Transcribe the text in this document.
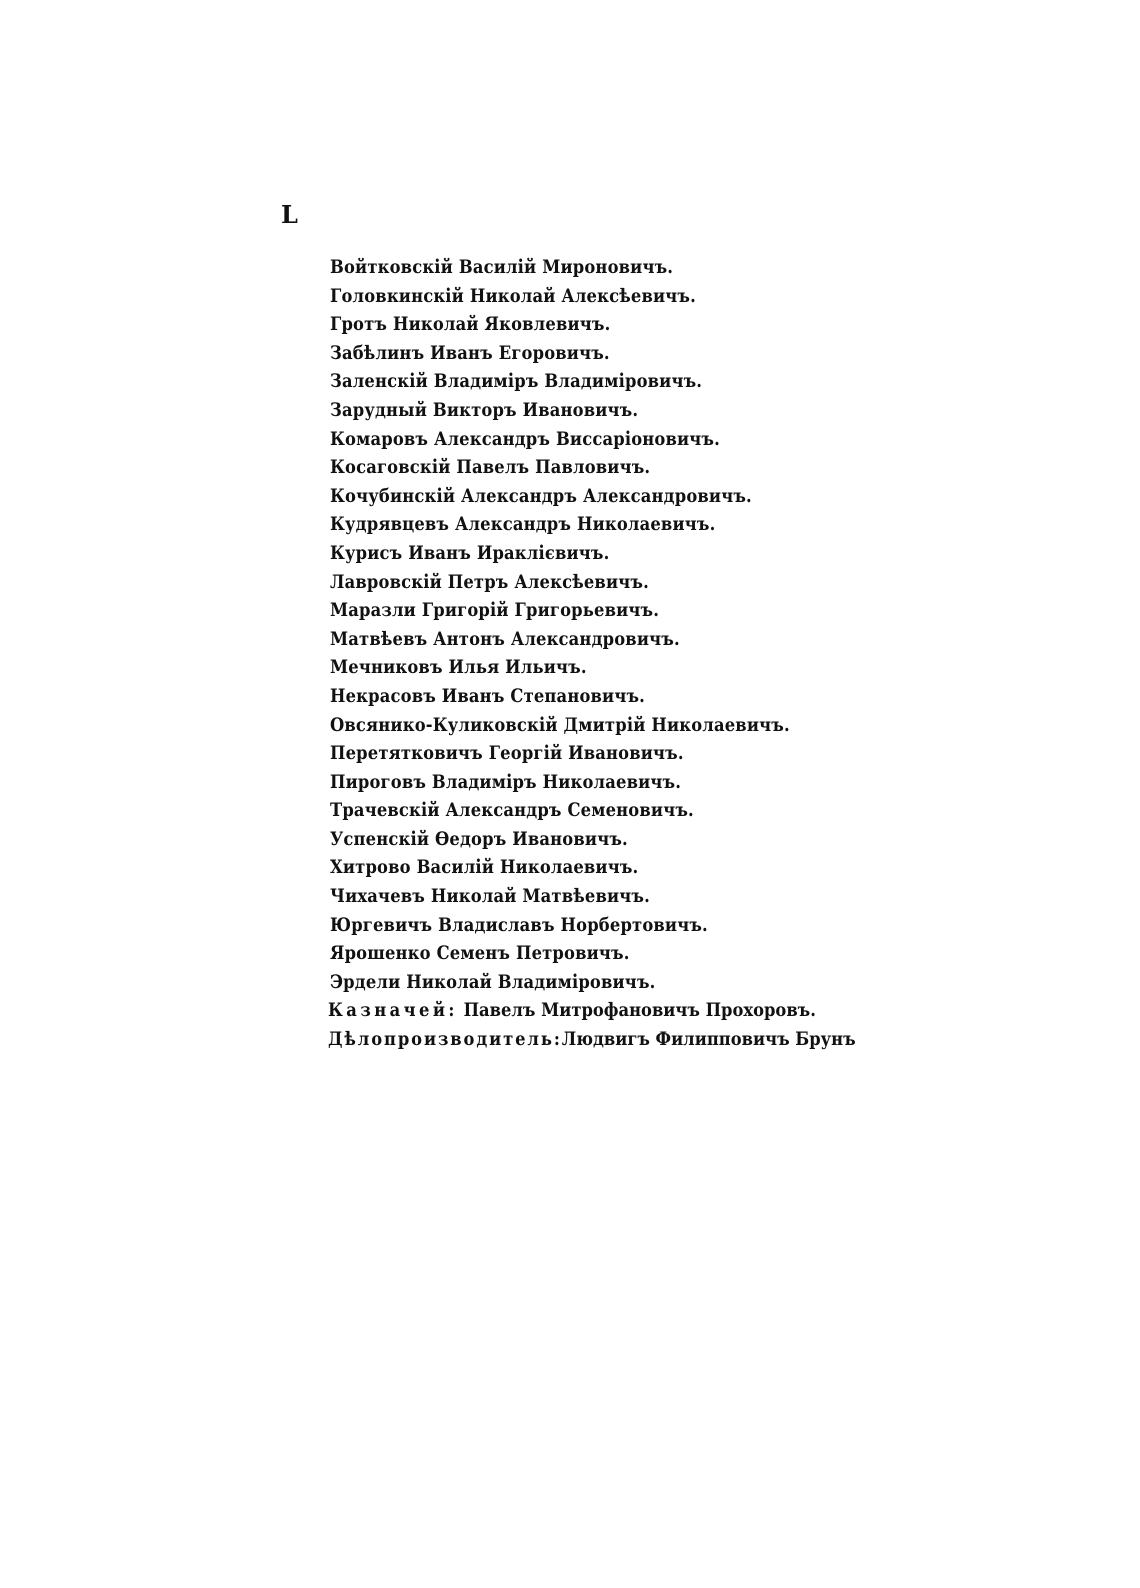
L
Войтковскій Василій Мироновичъ.
Головкинскій Николай Алексѣевичъ.
Гротъ Николай Яковлевичъ.
Забѣлинъ Иванъ Егоровичъ.
Заленскій Владиміръ Владиміровичъ.
Зарудный Викторъ Ивановичъ.
Комаровъ Александръ Виссаріоновичъ.
Косаговскій Павелъ Павловичъ.
Кочубинскій Александръ Александровичъ.
Кудрявцевъ Александръ Николаевичъ.
Курисъ Иванъ Ираклієвичъ.
Лавровскій Петръ Алексѣевичъ.
Маразли Григорій Григорьевичъ.
Матвѣевъ Антонъ Александровичъ.
Мечниковъ Илья Ильичъ.
Некрасовъ Иванъ Степановичъ.
Овсянико-Куликовскій Дмитрій Николаевичъ.
Перетятковичъ Георгій Ивановичъ.
Пироговъ Владиміръ Николаевичъ.
Трачевскій Александръ Семеновичъ.
Успенскій Ѳедоръ Ивановичъ.
Хитрово Василій Николаевичъ.
Чихачевъ Николай Матвѣевичъ.
Юргевичъ Владиславъ Норбертовичъ.
Ярошенко Семенъ Петровичъ.
Эрдели Николай Владиміровичъ.
Казначей: Павелъ Митрофановичъ Прохоровъ.
Дѣлопроизводитель:Людвигъ Филипповичъ Брунъ
